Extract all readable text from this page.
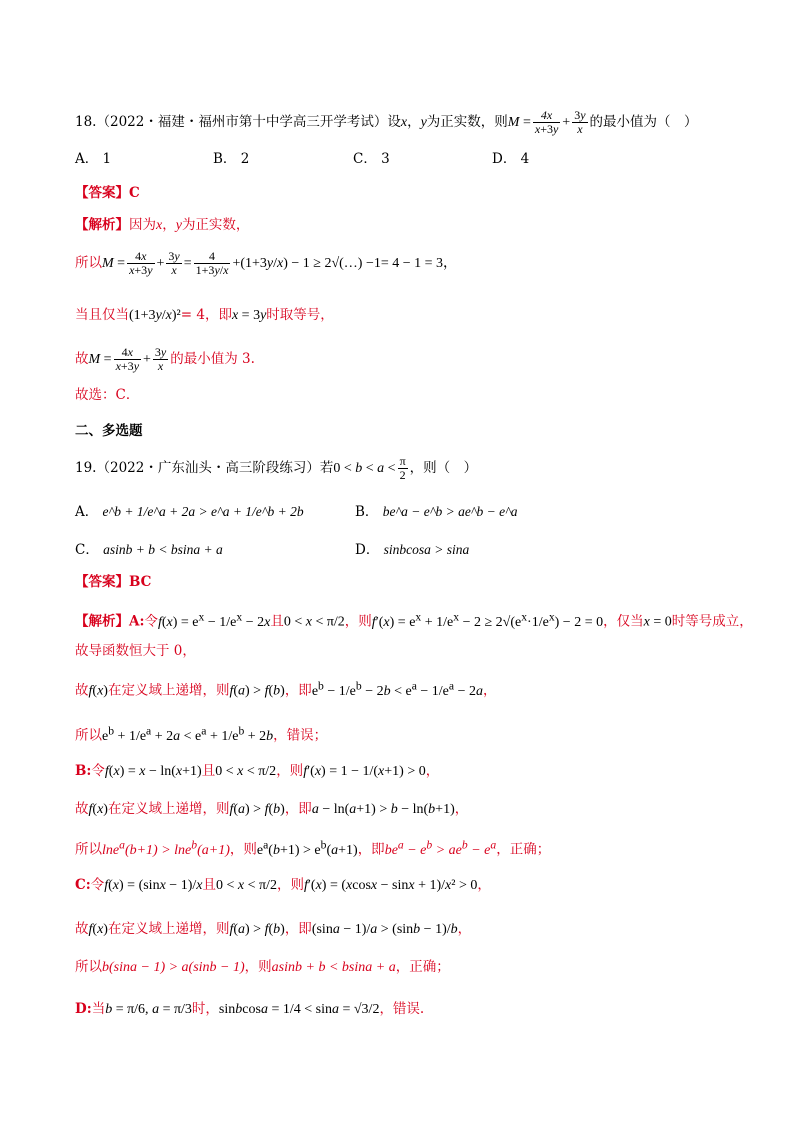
18.（2022・福建・福州市第十中学高三开学考试）设x，y为正实数，则$M = \frac{4x}{x+3y} + \frac{3y}{x}$ 的最小值为（　）
A． 1	B． 2	C． 3	D． 4
【答案】C
【解析】因为x，y为正实数，
所以$M = \frac{4x}{x+3y} + \frac{3y}{x} = \frac{4}{1+3y/x} +(1+3y/x) - 1$ ≥ 2√(…) −1= 4 − 1 = 3，
当且仅当(1+3y/x)²= 4，即x = 3y时取等号，
故$M = \frac{4x}{x+3y} + \frac{3y}{x}$ 的最小值为 3.
故选：C．
二、多选题
19.（2022・广东汕头・高三阶段练习）若$0 < b < a < \frac{\pi}{2}$ ，则（　）
A． e^b + 1/e^a + 2a > e^a + 1/e^b + 2b	B． be^a − e^b > ae^b − e^a
C． asinb + b < bsina + a	D． sinbcosa > sina
【答案】BC
【解析】A:令$f(x) = e^x - 1/e^x - 2x$且0 < x < π/2，则$f'(x) = e^x + 1/e^x - 2 \ge 2√(e^x\cdot 1/e^x) - 2 = 0$，仅当x = 0时等号成立，
故导函数恒大于 0，
故f(x)在定义域上递增，则f(a) > f(b)，即$e^b - 1/e^b - 2b < e^a - 1/e^a - 2a$，
所以$e^b + 1/e^a + 2a < e^a + 1/e^b + 2b$，错误；
B:令f(x) = x − ln(x+1)且0 < x < π/2，则f′(x) = 1 − 1/(x+1) > 0，
故f(x)在定义域上递增，则f(a) > f(b)，即a − ln(a+1) > b − ln(b+1)，
所以lne$^a$(b+1) > lne$^b$(a+1)，则$e^a(b+1) > e^b(a+1)$，即$be^a - e^b > ae^b - e^a$，正确；
C:令f(x) = (sinx − 1)/x且0 < x < π/2，则f′(x) = (xcosx − sinx + 1)/x² > 0，
故f(x)在定义域上递增，则f(a) > f(b)，即(sina − 1)/a > (sinb − 1)/b，
所以b(sina − 1) > a(sinb − 1)，则asinb + b < bsina + a，正确；
D:当b = π/6, a = π/3时，sinbcosa = 1/4 < sina = √3/2，错误.
